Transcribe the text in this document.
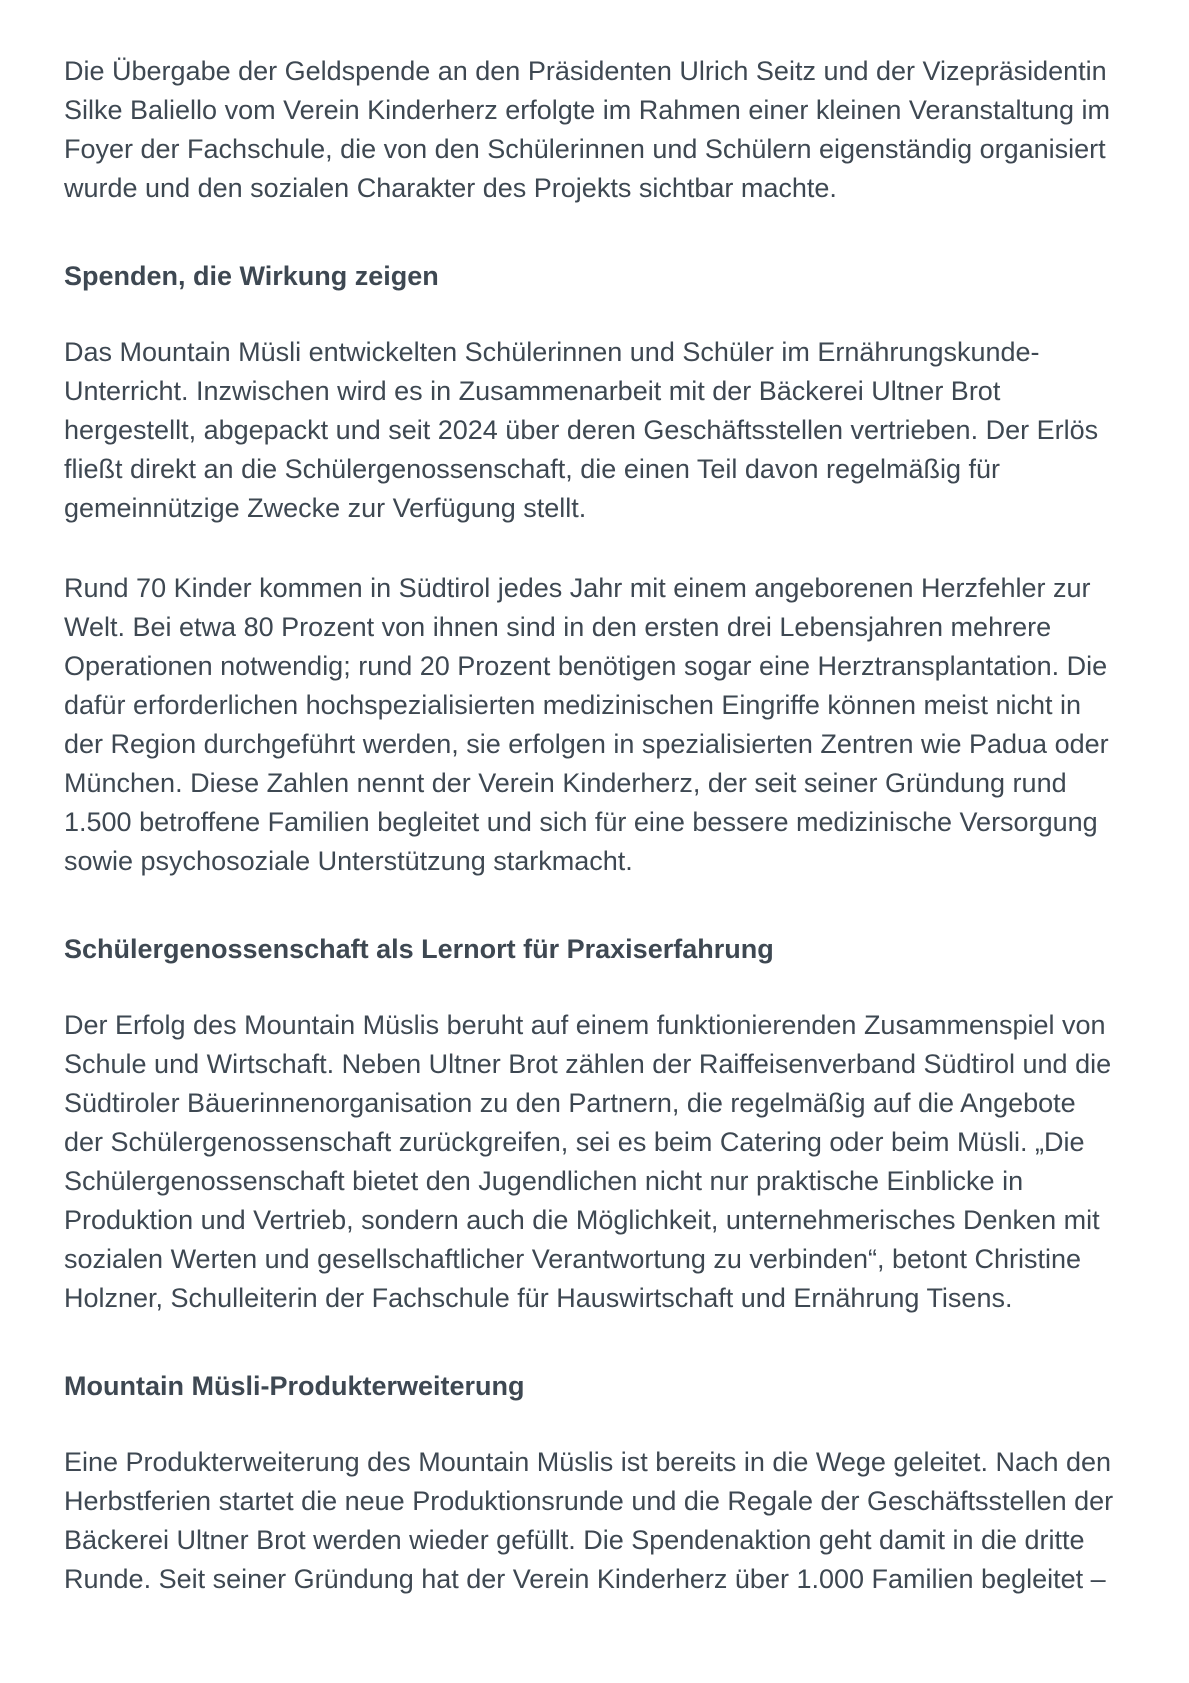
Die Übergabe der Geldspende an den Präsidenten Ulrich Seitz und der Vizepräsidentin Silke Baliello vom Verein Kinderherz erfolgte im Rahmen einer kleinen Veranstaltung im Foyer der Fachschule, die von den Schülerinnen und Schülern eigenständig organisiert wurde und den sozialen Charakter des Projekts sichtbar machte.

Spenden, die Wirkung zeigen

Das Mountain Müsli entwickelten Schülerinnen und Schüler im Ernährungskunde-Unterricht. Inzwischen wird es in Zusammenarbeit mit der Bäckerei Ultner Brot hergestellt, abgepackt und seit 2024 über deren Geschäftsstellen vertrieben. Der Erlös fließt direkt an die Schülergenossenschaft, die einen Teil davon regelmäßig für gemeinnützige Zwecke zur Verfügung stellt.

Rund 70 Kinder kommen in Südtirol jedes Jahr mit einem angeborenen Herzfehler zur Welt. Bei etwa 80 Prozent von ihnen sind in den ersten drei Lebensjahren mehrere Operationen notwendig; rund 20 Prozent benötigen sogar eine Herztransplantation. Die dafür erforderlichen hochspezialisierten medizinischen Eingriffe können meist nicht in der Region durchgeführt werden, sie erfolgen in spezialisierten Zentren wie Padua oder München. Diese Zahlen nennt der Verein Kinderherz, der seit seiner Gründung rund 1.500 betroffene Familien begleitet und sich für eine bessere medizinische Versorgung sowie psychosoziale Unterstützung starkmacht.

Schülergenossenschaft als Lernort für Praxiserfahrung

Der Erfolg des Mountain Müslis beruht auf einem funktionierenden Zusammenspiel von Schule und Wirtschaft. Neben Ultner Brot zählen der Raiffeisenverband Südtirol und die Südtiroler Bäuerinnenorganisation zu den Partnern, die regelmäßig auf die Angebote der Schülergenossenschaft zurückgreifen, sei es beim Catering oder beim Müsli. „Die Schülergenossenschaft bietet den Jugendlichen nicht nur praktische Einblicke in Produktion und Vertrieb, sondern auch die Möglichkeit, unternehmerisches Denken mit sozialen Werten und gesellschaftlicher Verantwortung zu verbinden“, betont Christine Holzner, Schulleiterin der Fachschule für Hauswirtschaft und Ernährung Tisens.

Mountain Müsli-Produkterweiterung

Eine Produkterweiterung des Mountain Müslis ist bereits in die Wege geleitet. Nach den Herbstferien startet die neue Produktionsrunde und die Regale der Geschäftsstellen der Bäckerei Ultner Brot werden wieder gefüllt. Die Spendenaktion geht damit in die dritte Runde. Seit seiner Gründung hat der Verein Kinderherz über 1.000 Familien begleitet –
